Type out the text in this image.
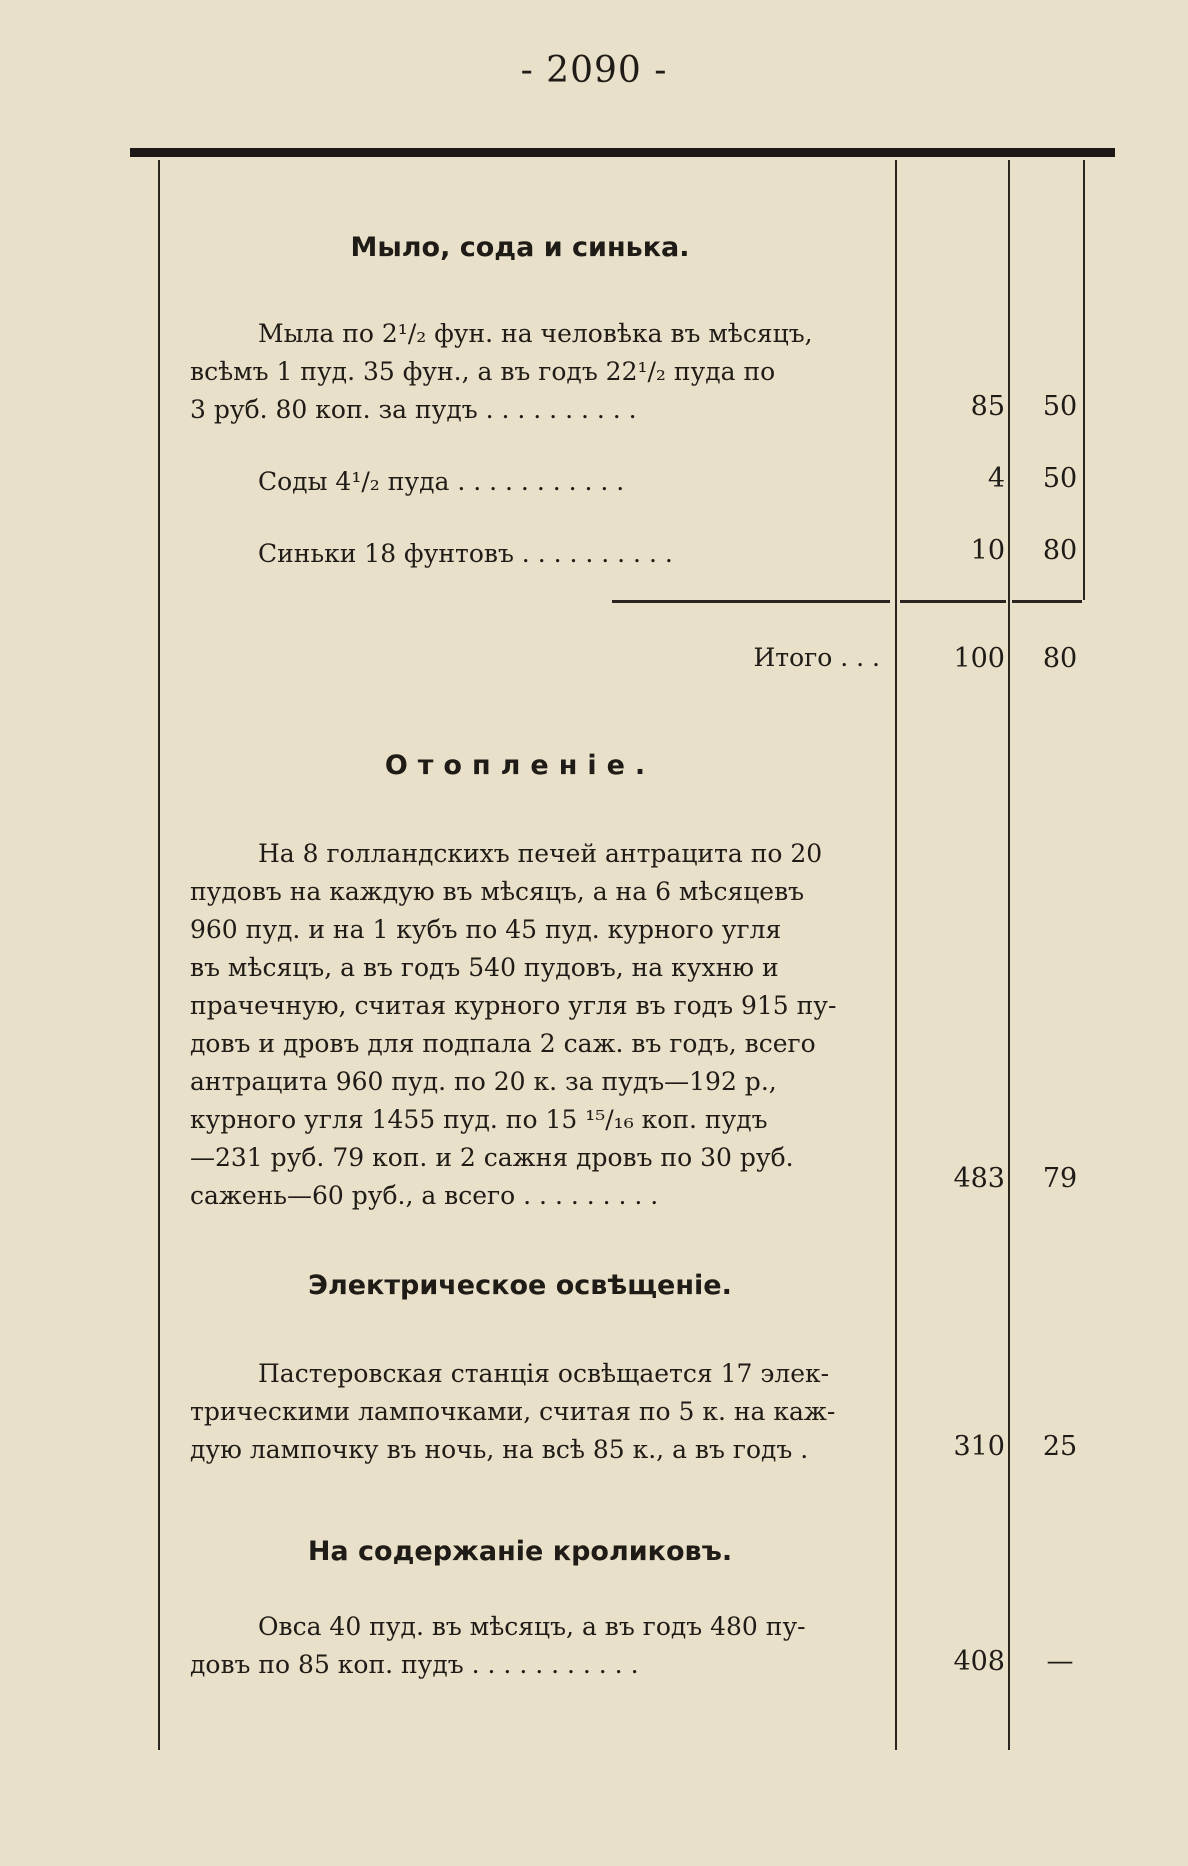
- 2090 -
Мыло, сода и синька.
Мыла по 2¹/₂ фун. на человѣка въ мѣсяцъ,
всѣмъ 1 пуд. 35 фун., а въ годъ 22¹/₂ пуда по
3 руб. 80 коп. за пудъ . . . . . . . . . .	85	50
Соды 4¹/₂ пуда . . . . . . . . . . .	4	50
Синьки 18 фунтовъ . . . . . . . . . .	10	80
Итого . . .	100	80
Отопленіе.
На 8 голландскихъ печей антрацита по 20
пудовъ на каждую въ мѣсяцъ, а на 6 мѣсяцевъ
960 пуд. и на 1 кубъ по 45 пуд. курного угля
въ мѣсяцъ, а въ годъ 540 пудовъ, на кухню и
прачечную, считая курного угля въ годъ 915 пу-
довъ и дровъ для подпала 2 саж. въ годъ, всего
антрацита 960 пуд. по 20 к. за пудъ—192 р.,
курного угля 1455 пуд. по 15 ¹⁵/₁₆ коп. пудъ
—231 руб. 79 коп. и 2 сажня дровъ по 30 руб.
сажень—60 руб., а всего . . . . . . . . .
483	79
Электрическое освѣщеніе.
Пастеровская станція освѣщается 17 элек-
трическими лампочками, считая по 5 к. на каж-
дую лампочку въ ночь, на всѣ 85 к., а въ годъ .	310	25
На содержаніе кроликовъ.
Овса 40 пуд. въ мѣсяцъ, а въ годъ 480 пу-
довъ по 85 коп. пудъ . . . . . . . . . . .	408	—
